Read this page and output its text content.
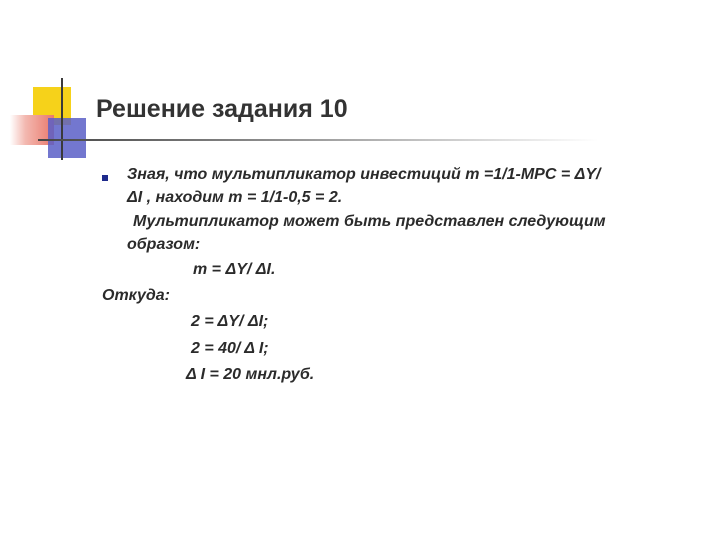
Решение задания 10
Зная, что мультипликатор инвестиций m =1/1-MPC = ΔY/
ΔI , находим m = 1/1-0,5 = 2.
Мультипликатор может быть представлен следующим
образом:
m = ΔY/ ΔI.
Откуда:
2 = ΔY/ ΔI;
2 = 40/ Δ I;
Δ I = 20 мнл.руб.
